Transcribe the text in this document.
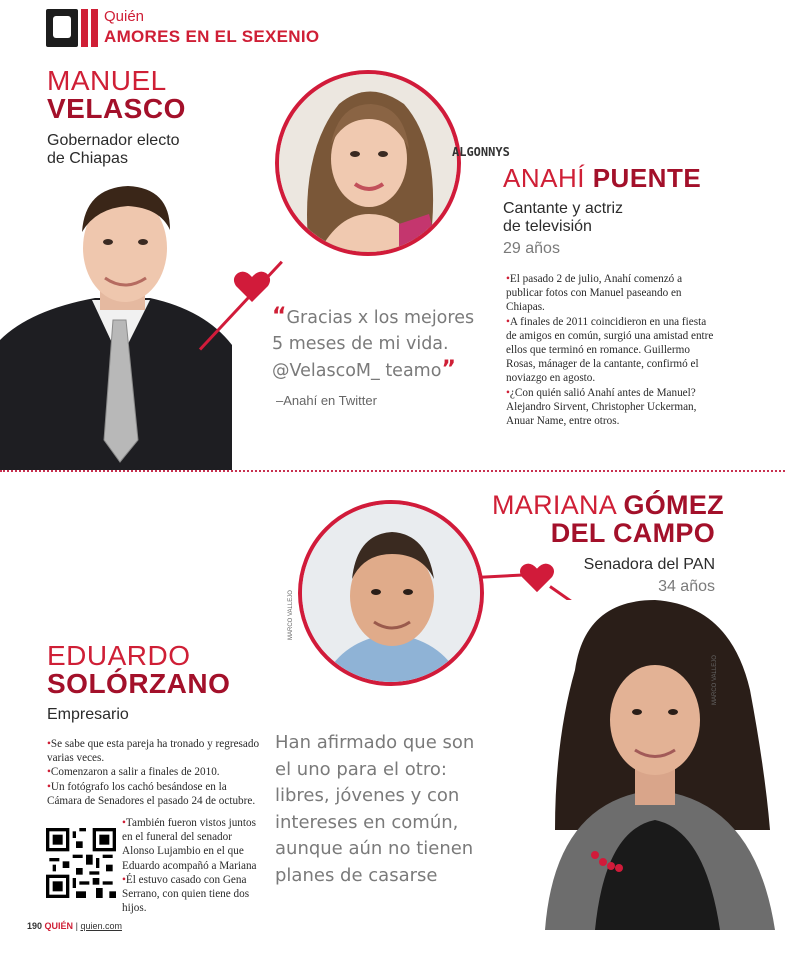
Quién
AMORES EN EL SEXENIO
MANUEL
VELASCO
Gobernador electo
de Chiapas	ALGONNYS
ANAHÍ PUENTE
Cantante y actriz
de televisión
29 años

•El pasado 2 de julio, Anahí comenzó a publicar fotos con Manuel paseando en Chiapas.

•A finales de 2011 coincidieron en una fiesta de amigos en común, surgió una amistad entre ellos que terminó en romance. Guillermo Rosas, mánager de la cantante, confirmó el noviazgo en agosto.

•¿Con quién salió Anahí antes de Manuel? Alejandro Sirvent, Christopher Uckerman, Anuar Name, entre otros.

“Gracias x los mejores
5 meses de mi vida.
@VelascoM_ teamo”
–Anahí en Twitter
MARIANA GÓMEZ
DEL CAMPO
Senadora del PAN
34 años
MARCO VALLEJO
MARCO VALLEJO
EDUARDO
SOLÓRZANO
Empresario

•Se sabe que esta pareja ha tronado y regresado varias veces.

•Comenzaron a salir a finales de 2010.

•Un fotógrafo los cachó besándose en la Cámara de Senadores el pasado 24 de octubre.

•También fueron vistos juntos en el funeral del senador Alonso Lujambio en el que Eduardo acompañó a Mariana

•Él estuvo casado con Gena Serrano, con quien tiene dos hijos.

Han afirmado que son
el uno para el otro:
libres, jóvenes y con
intereses en común,
aunque aún no tienen
planes de casarse
190 QUIÉN | quien.com
